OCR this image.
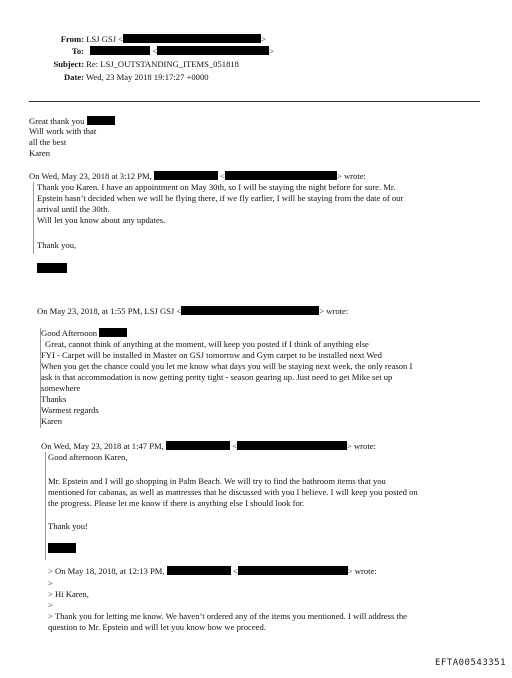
From: LSJ GSJ <	>
To:	<	>
Subject: Re: LSJ_OUTSTANDING_ITEMS_051818
Date: Wed, 23 May 2018 19:17:27 +0000
Great thank you
Will work with that
all the best
Karen
On Wed, May 23, 2018 at 3:12 PM,	<	> wrote:
Thank you Karen. I have an appointment on May 30th, so I will be staying the night before for sure. Mr.
Epstein hasn’t decided when we will be flying there, if we fly earlier, I will be staying from the date of our
arrival until the 30th.
Will let you know about any updates.
Thank you,
On May 23, 2018, at 1:55 PM, LSJ GSJ <	> wrote:
Good Afternoon
Great, cannot think of anything at the moment, will keep you posted if I think of anything else
FYI - Carpet will be installed in Master on GSJ tomorrow and Gym carpet to be installed next Wed
When you get the chance could you let me know what days you will be staying next week, the only reason I
ask is that accommodation is now getting pretty tight - season gearing up. Just need to get Mike set up
somewhere
Thanks
Warmest regards
Karen
On Wed, May 23, 2018 at 1:47 PM,	<	> wrote:
Good afternoon Karen,
Mr. Epstein and I will go shopping in Palm Beach. We will try to find the bathroom items that you
mentioned for cabanas, as well as mattresses that he discussed with you I believe. I will keep you posted on
the progress. Please let me know if there is anything else I should look for.
Thank you!
> On May 18, 2018, at 12:13 PM,	<	> wrote:
>
> Hi Karen,
>
> Thank you for letting me know. We haven’t ordered any of the items you mentioned. I will address the
question to Mr. Epstein and will let you know how we proceed.
EFTA00543351
